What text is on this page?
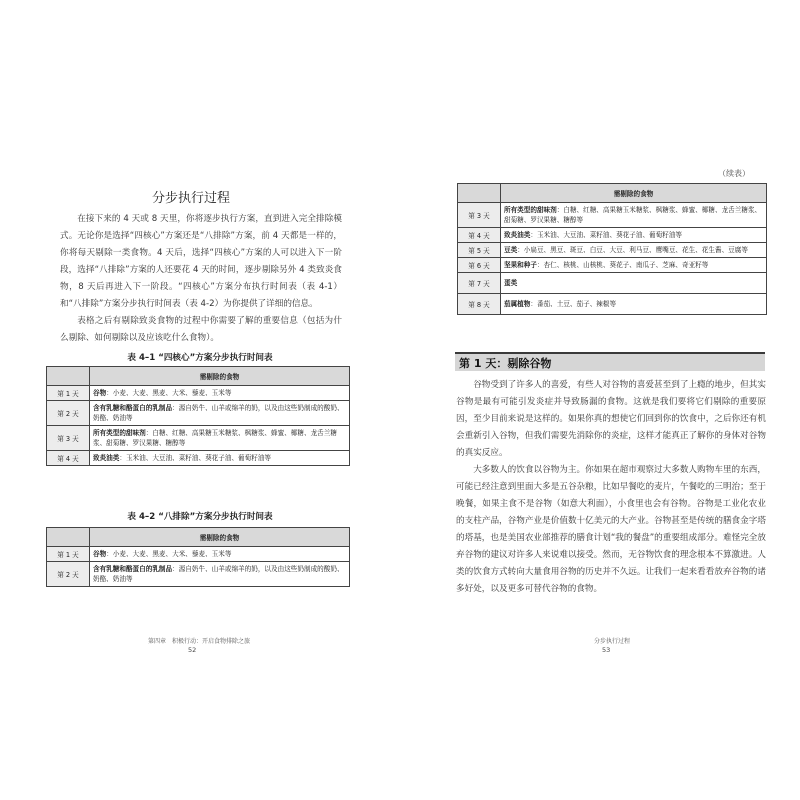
分步执行过程

在接下来的 4 天或 8 天里，你将逐步执行方案，直到进入完全排除模式。无论你是选择“四核心”方案还是“八排除”方案，前 4 天都是一样的，你将每天剔除一类食物。4 天后，选择“四核心”方案的人可以进入下一阶段，选择“八排除”方案的人还要花 4 天的时间，逐步剔除另外 4 类致炎食物，8 天后再进入下一阶段。“四核心”方案分布执行时间表（表 4-1）和“八排除”方案分步执行时间表（表 4-2）为你提供了详细的信息。

表格之后有剔除致炎食物的过程中你需要了解的重要信息（包括为什么剔除、如何剔除以及应该吃什么食物）。

表 4–1 “四核心”方案分步执行时间表
	需剔除的食物
第 1 天	谷物：小麦、大麦、黑麦、大米、藜麦、玉米等
第 2 天	含有乳糖和酪蛋白的乳制品：源自奶牛、山羊或绵羊的奶，以及由这些奶制成的酸奶、奶酪、奶油等
第 3 天	所有类型的甜味剂：白糖、红糖、高果糖玉米糖浆、枫糖浆、蜂蜜、椰糖、龙舌兰糖浆、甜菊糖、罗汉果糖、糖醇等
第 4 天	致炎油类：玉米油、大豆油、菜籽油、葵花子油、葡萄籽油等
表 4–2 “八排除”方案分步执行时间表
	需剔除的食物
第 1 天	谷物：小麦、大麦、黑麦、大米、藜麦、玉米等
第 2 天	含有乳糖和酪蛋白的乳制品：源自奶牛、山羊或绵羊的奶，以及由这些奶制成的酸奶、奶酪、奶油等
第四章　积极行动：开启食物排除之旅
52
（续表）
	需剔除的食物
第 3 天	所有类型的甜味剂：白糖、红糖、高果糖玉米糖浆、枫糖浆、蜂蜜、椰糖、龙舌兰糖浆、甜菊糖、罗汉果糖、糖醇等
第 4 天	致炎油类：玉米油、大豆油、菜籽油、葵花子油、葡萄籽油等
第 5 天	豆类：小扁豆、黑豆、斑豆、白豆、大豆、利马豆、鹰嘴豆、花生、花生酱、豆腐等
第 6 天	坚果和种子：杏仁、核桃、山核桃、葵花子、南瓜子、芝麻、奇亚籽等
第 7 天	蛋类
第 8 天	茄属植物：番茄、土豆、茄子、辣椒等
第 1 天：剔除谷物

谷物受到了许多人的喜爱，有些人对谷物的喜爱甚至到了上瘾的地步，但其实谷物是最有可能引发炎症并导致肠漏的食物。这就是我们要将它们剔除的重要原因，至少目前来说是这样的。如果你真的想使它们回到你的饮食中，之后你还有机会重新引入谷物，但我们需要先消除你的炎症，这样才能真正了解你的身体对谷物的真实反应。

大多数人的饮食以谷物为主。你如果在超市观察过大多数人购物车里的东西，可能已经注意到里面大多是五谷杂粮，比如早餐吃的麦片，午餐吃的三明治；至于晚餐，如果主食不是谷物（如意大利面），小食里也会有谷物。谷物是工业化农业的支柱产品，谷物产业是价值数十亿美元的大产业。谷物甚至是传统的膳食金字塔的塔基，也是美国农业部推荐的膳食计划“我的餐盘”的重要组成部分。难怪完全放弃谷物的建议对许多人来说难以接受。然而，无谷物饮食的理念根本不算激进。人类的饮食方式转向大量食用谷物的历史并不久远。让我们一起来看看放弃谷物的诸多好处，以及更多可替代谷物的食物。

分步执行过程
53
